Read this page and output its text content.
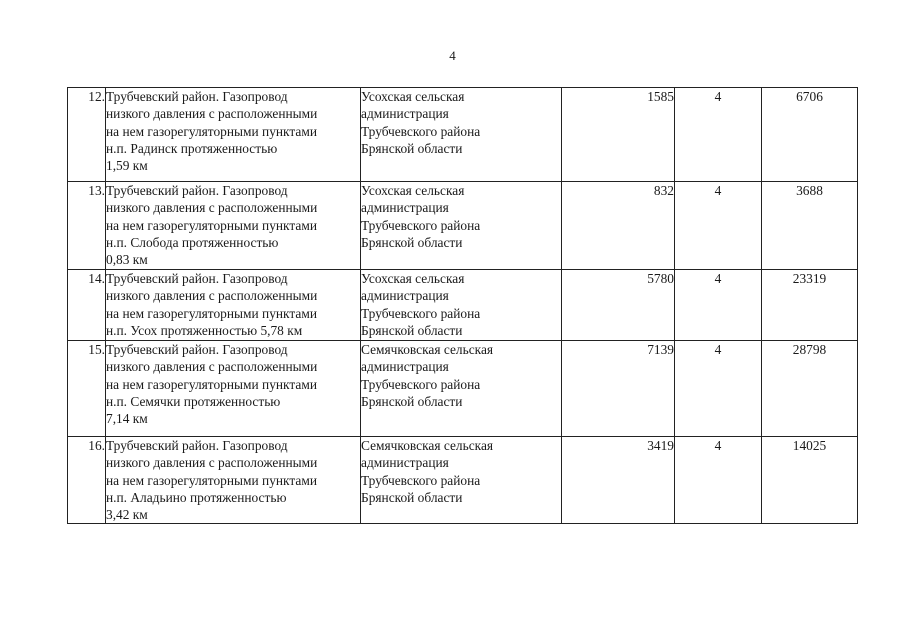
4
12.	Трубчевский район. Газопровод
низкого давления с расположенными
на нем газорегуляторными пунктами
н.п. Радинск протяженностью
1,59 км	Усохская сельская
администрация
Трубчевского района
Брянской области	1585	4	6706
13.	Трубчевский район. Газопровод
низкого давления с расположенными
на нем газорегуляторными пунктами
н.п. Слобода протяженностью
0,83 км	Усохская сельская
администрация
Трубчевского района
Брянской области	832	4	3688
14.	Трубчевский район. Газопровод
низкого давления с расположенными
на нем газорегуляторными пунктами
н.п. Усох протяженностью 5,78 км	Усохская сельская
администрация
Трубчевского района
Брянской области	5780	4	23319
15.	Трубчевский район. Газопровод
низкого давления с расположенными
на нем газорегуляторными пунктами
н.п. Семячки протяженностью
7,14 км	Семячковская сельская
администрация
Трубчевского района
Брянской области	7139	4	28798
16.	Трубчевский район. Газопровод
низкого давления с расположенными
на нем газорегуляторными пунктами
н.п. Аладьино протяженностью
3,42 км	Семячковская сельская
администрация
Трубчевского района
Брянской области	3419	4	14025
